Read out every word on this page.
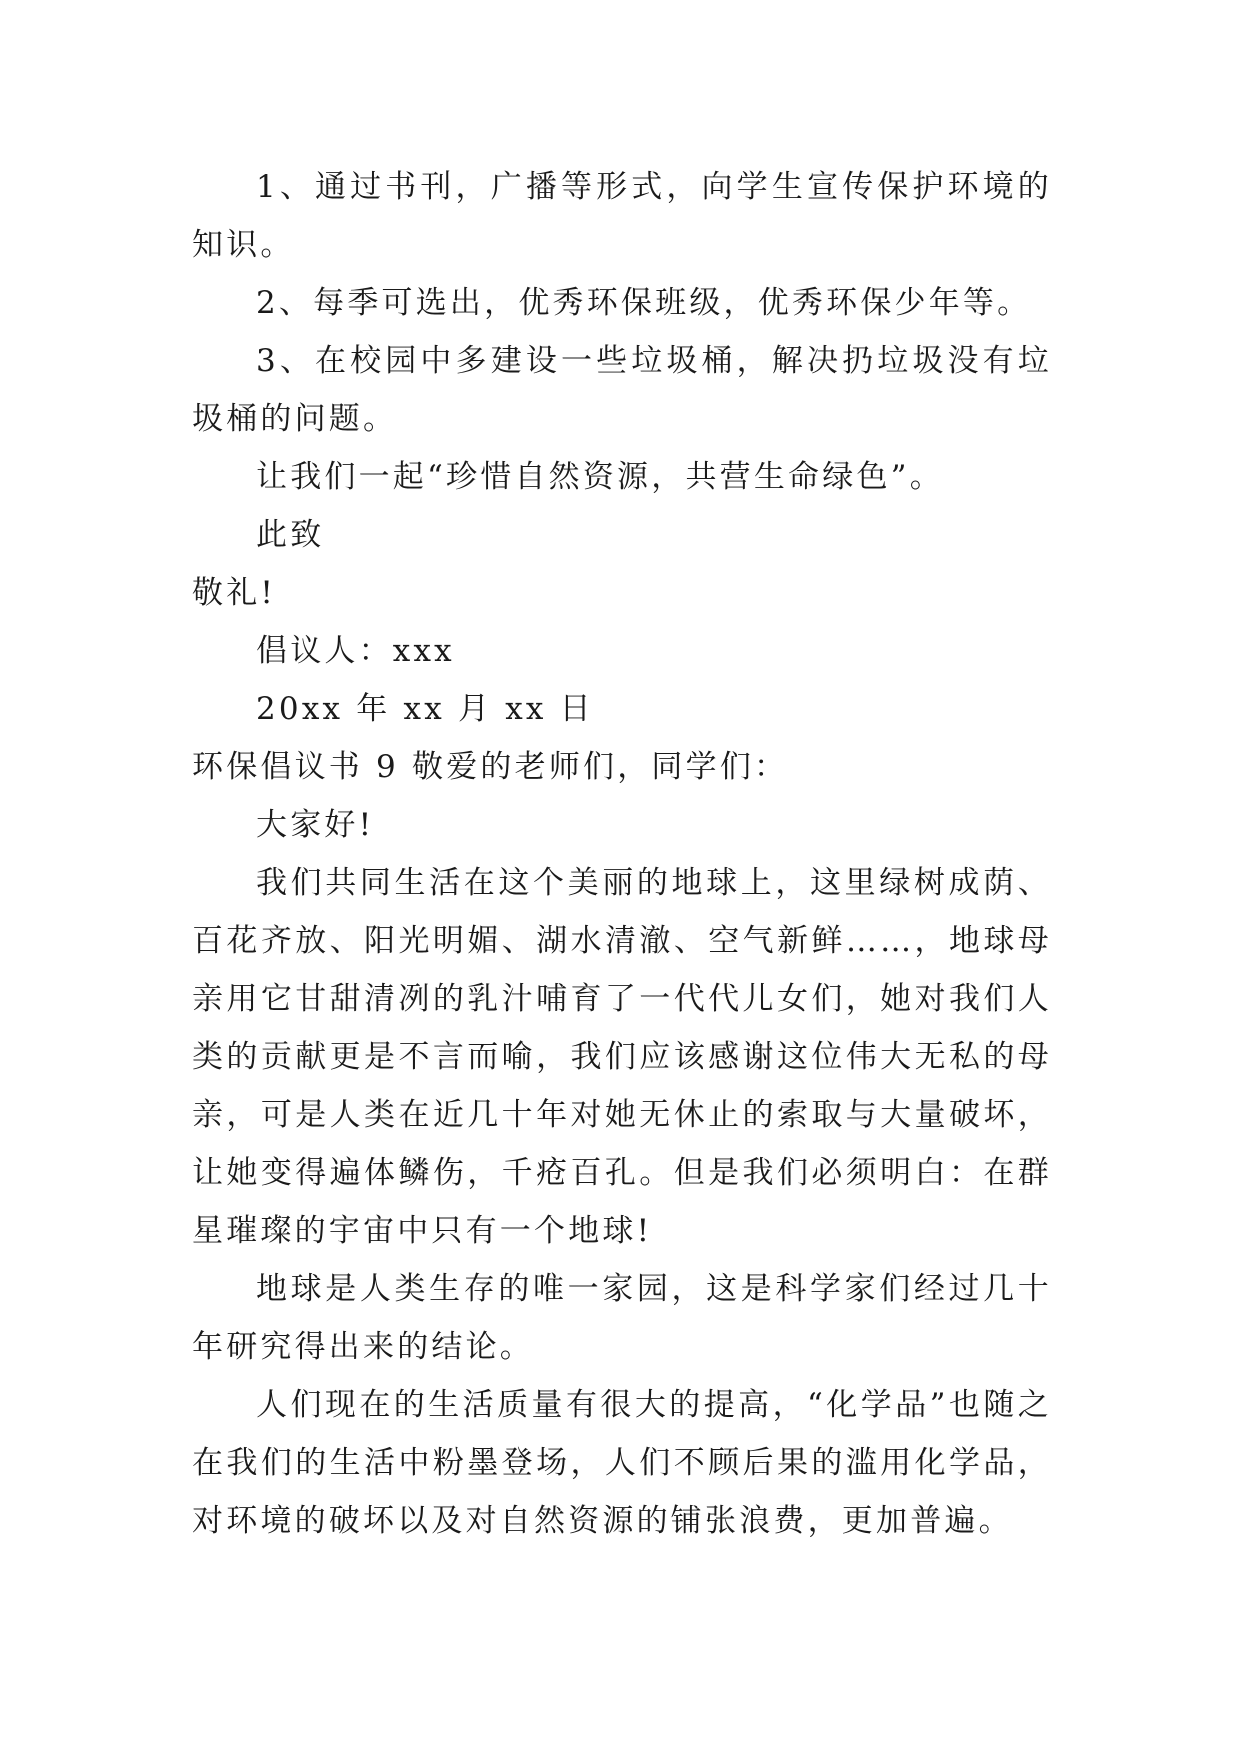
1、通过书刊，广播等形式，向学生宣传保护环境的知识。

2、每季可选出，优秀环保班级，优秀环保少年等。

3、在校园中多建设一些垃圾桶，解决扔垃圾没有垃圾桶的问题。

让我们一起“珍惜自然资源，共营生命绿色”。

此致

敬礼!

倡议人：xxx

20xx 年 xx 月 xx 日

环保倡议书 9 敬爱的老师们，同学们：

大家好!

我们共同生活在这个美丽的地球上，这里绿树成荫、百花齐放、阳光明媚、湖水清澈、空气新鲜……，地球母亲用它甘甜清冽的乳汁哺育了一代代儿女们，她对我们人类的贡献更是不言而喻，我们应该感谢这位伟大无私的母亲，可是人类在近几十年对她无休止的索取与大量破坏，让她变得遍体鳞伤，千疮百孔。但是我们必须明白：在群星璀璨的宇宙中只有一个地球!

地球是人类生存的唯一家园，这是科学家们经过几十年研究得出来的结论。

人们现在的生活质量有很大的提高，“化学品”也随之在我们的生活中粉墨登场，人们不顾后果的滥用化学品，对环境的破坏以及对自然资源的铺张浪费，更加普遍。
